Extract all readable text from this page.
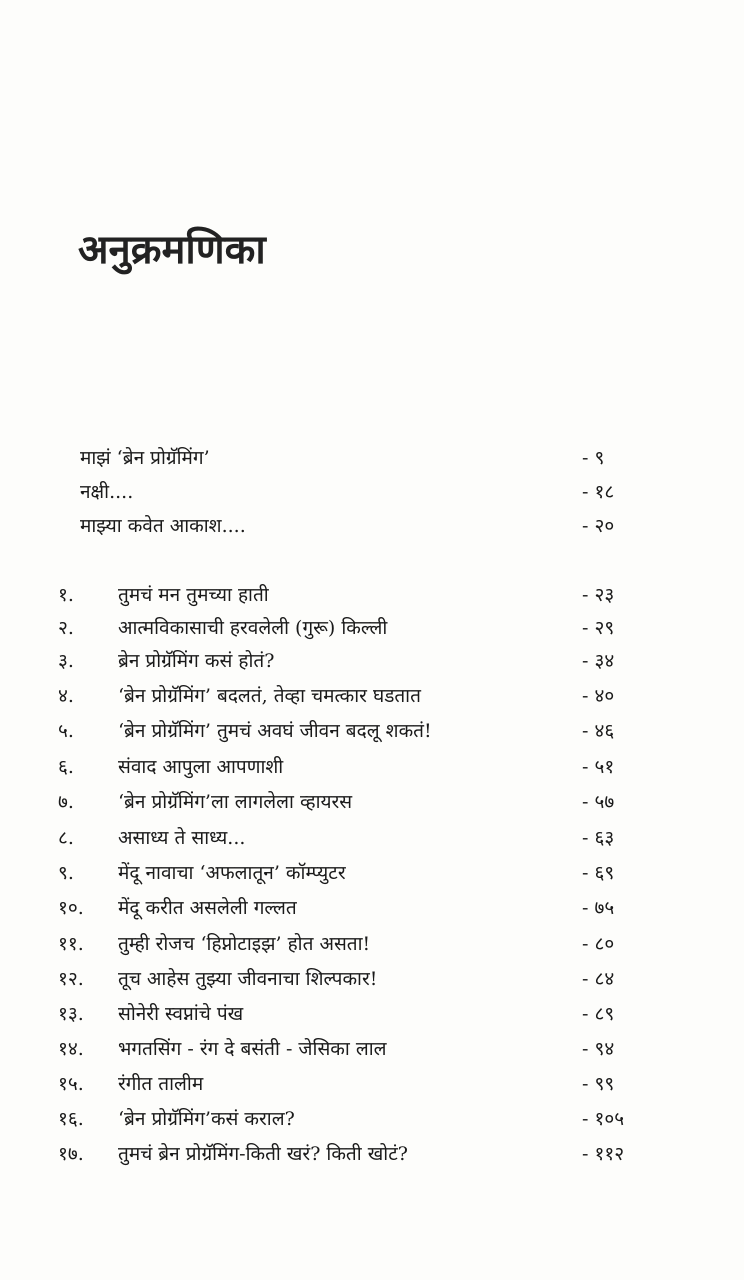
अनुक्रमणिका
माझं ‘ब्रेन प्रोग्रॅमिंग’	- ९
नक्षी....	- १८
माझ्या कवेत आकाश....	- २०
१. तुमचं मन तुमच्या हाती	- २३
२. आत्मविकासाची हरवलेली (गुरू) किल्ली	- २९
३. ब्रेन प्रोग्रॅमिंग कसं होतं?	- ३४
४. ‘ब्रेन प्रोग्रॅमिंग’ बदलतं, तेव्हा चमत्कार घडतात	- ४०
५. ‘ब्रेन प्रोग्रॅमिंग’ तुमचं अवघं जीवन बदलू शकतं!	- ४६
६. संवाद आपुला आपणाशी	- ५१
७. ‘ब्रेन प्रोग्रॅमिंग’ला लागलेला व्हायरस	- ५७
८. असाध्य ते साध्य...	- ६३
९. मेंदू नावाचा ‘अफलातून’ कॉम्प्युटर	- ६९
१०. मेंदू करीत असलेली गल्लत	- ७५
११. तुम्ही रोजच ‘हिप्नोटाइझ’ होत असता!	- ८०
१२. तूच आहेस तुझ्या जीवनाचा शिल्पकार!	- ८४
१३. सोनेरी स्वप्नांचे पंख	- ८९
१४. भगतसिंग - रंग दे बसंती - जेसिका लाल	- ९४
१५. रंगीत तालीम	- ९९
१६. ‘ब्रेन प्रोग्रॅमिंग’कसं कराल?	- १०५
१७. तुमचं ब्रेन प्रोग्रॅमिंग-किती खरं? किती खोटं?	- ११२
